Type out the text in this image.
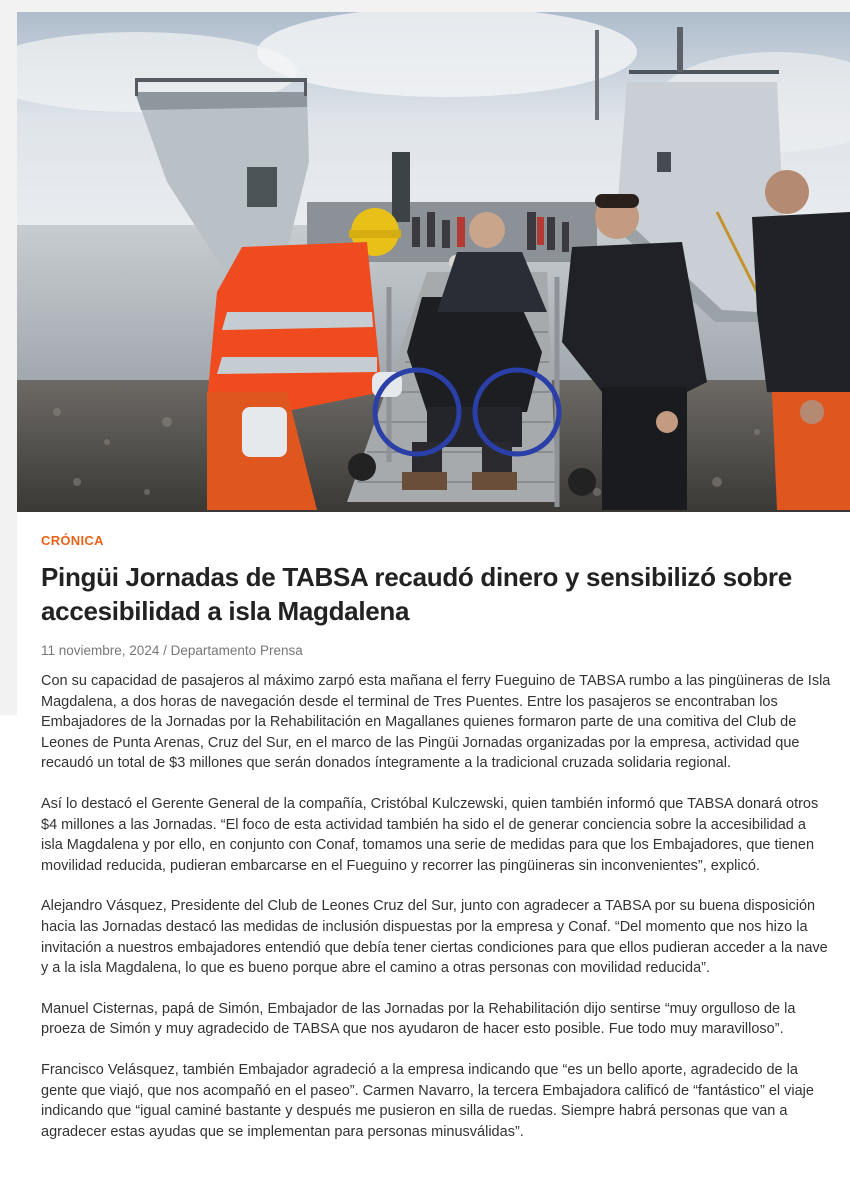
CRÓNICA
Pingüi Jornadas de TABSA recaudó dinero y sensibilizó sobre accesibilidad a isla Magdalena
11 noviembre, 2024 / Departamento Prensa

Con su capacidad de pasajeros al máximo zarpó esta mañana el ferry Fueguino de TABSA rumbo a las pingüineras de Isla Magdalena, a dos horas de navegación desde el terminal de Tres Puentes. Entre los pasajeros se encontraban los Embajadores de la Jornadas por la Rehabilitación en Magallanes quienes formaron parte de una comitiva del Club de Leones de Punta Arenas, Cruz del Sur, en el marco de las Pingüi Jornadas organizadas por la empresa, actividad que recaudó un total de $3 millones que serán donados íntegramente a la tradicional cruzada solidaria regional.

Así lo destacó el Gerente General de la compañía, Cristóbal Kulczewski, quien también informó que TABSA donará otros $4 millones a las Jornadas. “El foco de esta actividad también ha sido el de generar conciencia sobre la accesibilidad a isla Magdalena y por ello, en conjunto con Conaf, tomamos una serie de medidas para que los Embajadores, que tienen movilidad reducida, pudieran embarcarse en el Fueguino y recorrer las pingüineras sin inconvenientes”, explicó.

Alejandro Vásquez, Presidente del Club de Leones Cruz del Sur, junto con agradecer a TABSA por su buena disposición hacia las Jornadas destacó las medidas de inclusión dispuestas por la empresa y Conaf. “Del momento que nos hizo la invitación a nuestros embajadores entendió que debía tener ciertas condiciones para que ellos pudieran acceder a la nave y a la isla Magdalena, lo que es bueno porque abre el camino a otras personas con movilidad reducida”.

Manuel Cisternas, papá de Simón, Embajador de las Jornadas por la Rehabilitación dijo sentirse “muy orgulloso de la proeza de Simón y muy agradecido de TABSA que nos ayudaron de hacer esto posible. Fue todo muy maravilloso”.

Francisco Velásquez, también Embajador agradeció a la empresa indicando que “es un bello aporte, agradecido de la gente que viajó, que nos acompañó en el paseo”. Carmen Navarro, la tercera Embajadora calificó de “fantástico” el viaje indicando que “igual caminé bastante y después me pusieron en silla de ruedas. Siempre habrá personas que van a agradecer estas ayudas que se implementan para personas minusválidas”.
